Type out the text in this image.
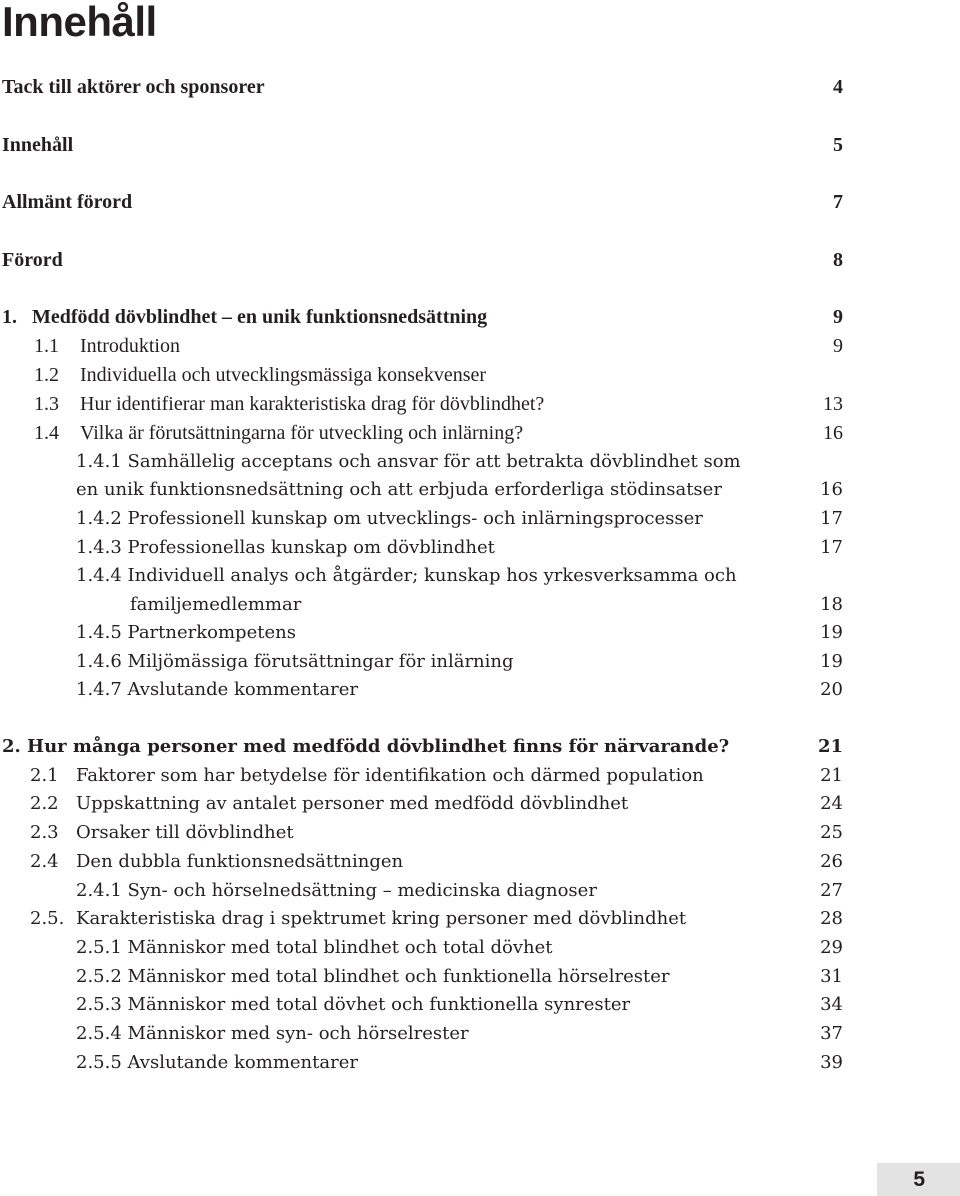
Innehåll
Tack till aktörer och sponsorer	4
Innehåll	5
Allmänt förord	7
Förord	8
1. Medfödd dövblindhet – en unik funktionsnedsättning	9
1.1 Introduktion	9
1.2 Individuella och utvecklingsmässiga konsekvenser
1.3 Hur identifierar man karakteristiska drag för dövblindhet?	13
1.4 Vilka är förutsättningarna för utveckling och inlärning?	16
1.4.1 Samhällelig acceptans och ansvar för att betrakta dövblindhet som
en unik funktionsnedsättning och att erbjuda erforderliga stödinsatser	16
1.4.2 Professionell kunskap om utvecklings- och inlärningsprocesser	17
1.4.3 Professionellas kunskap om dövblindhet	17
1.4.4 Individuell analys och åtgärder; kunskap hos yrkesverksamma och
familjemedlemmar	18
1.4.5 Partnerkompetens	19
1.4.6 Miljömässiga förutsättningar för inlärning	19
1.4.7 Avslutande kommentarer	20
2. Hur många personer med medfödd dövblindhet finns för närvarande?	21
2.1 Faktorer som har betydelse för identifikation och därmed population	21
2.2 Uppskattning av antalet personer med medfödd dövblindhet	24
2.3 Orsaker till dövblindhet	25
2.4 Den dubbla funktionsnedsättningen	26
2.4.1 Syn- och hörselnedsättning – medicinska diagnoser	27
2.5. Karakteristiska drag i spektrumet kring personer med dövblindhet	28
2.5.1 Människor med total blindhet och total dövhet	29
2.5.2 Människor med total blindhet och funktionella hörselrester	31
2.5.3 Människor med total dövhet och funktionella synrester	34
2.5.4 Människor med syn- och hörselrester	37
2.5.5 Avslutande kommentarer	39
5
